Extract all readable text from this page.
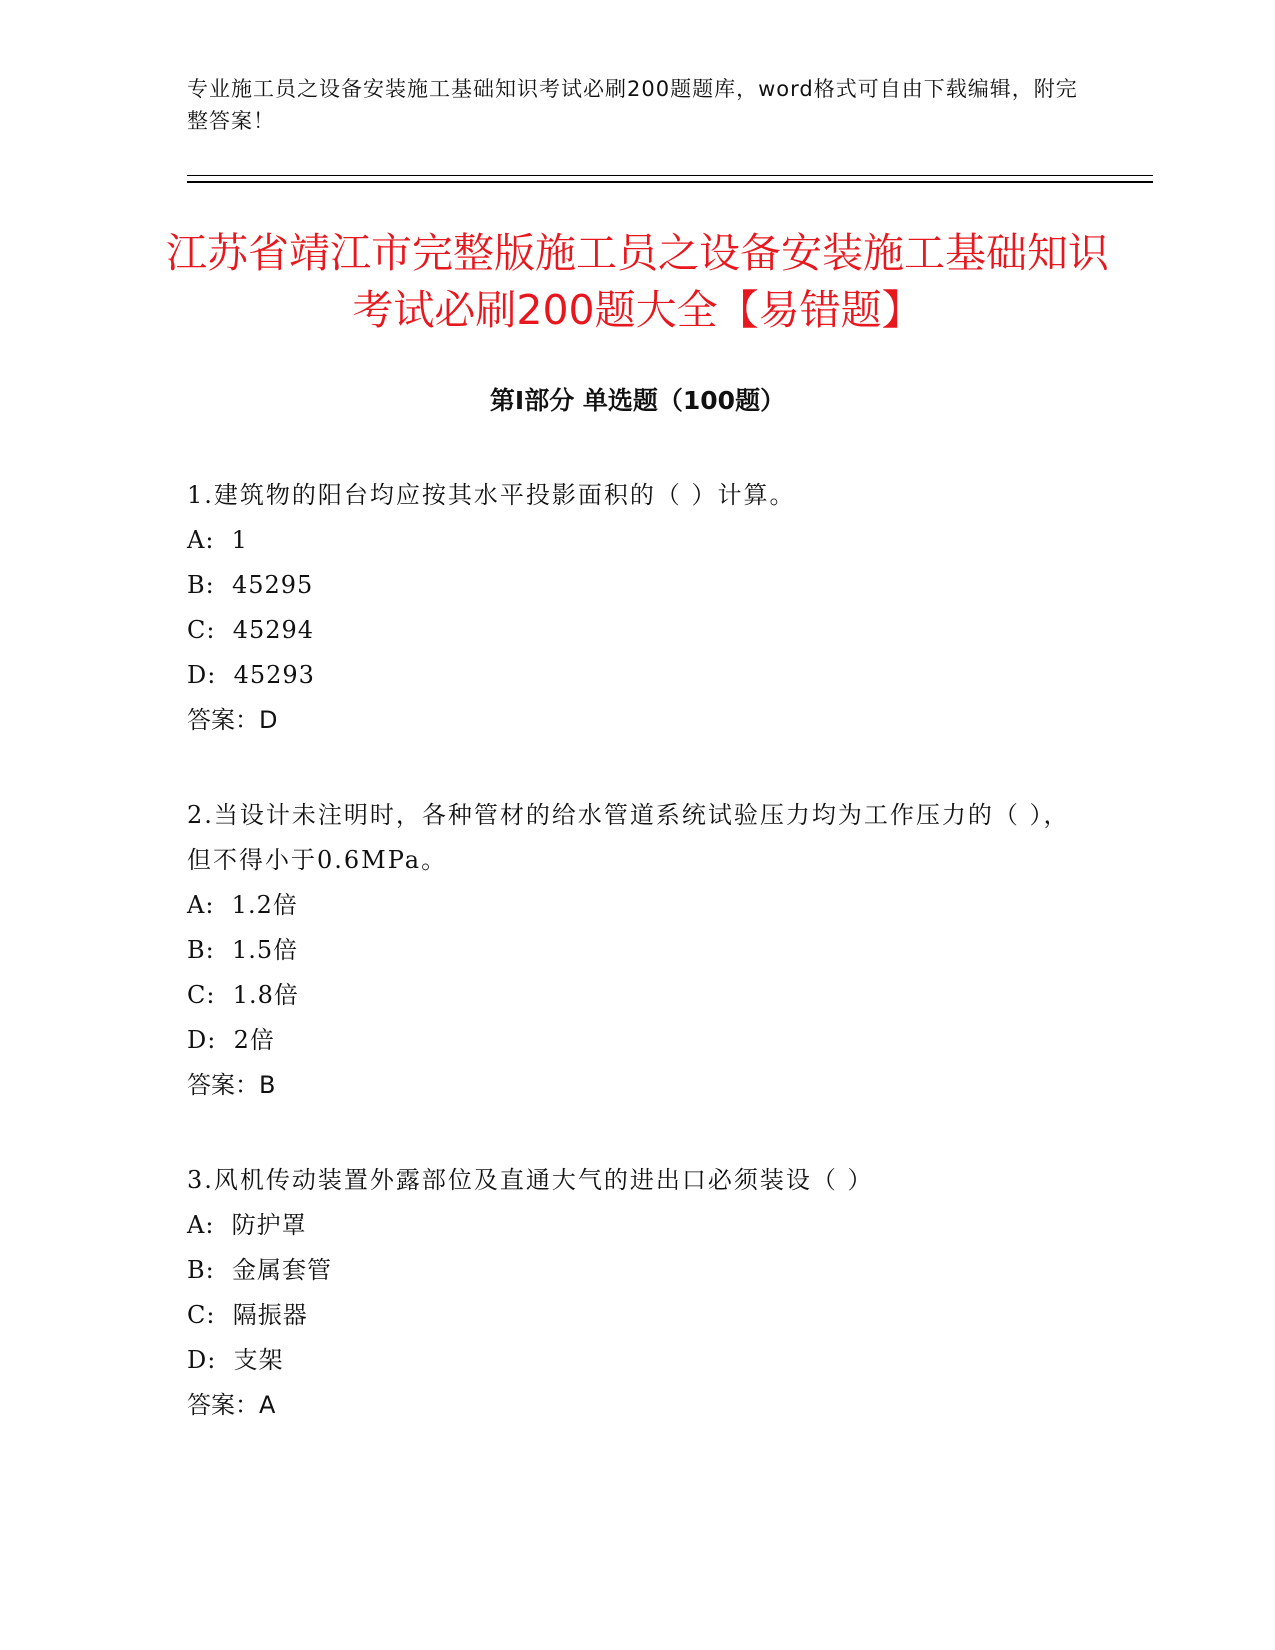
专业施工员之设备安装施工基础知识考试必刷200题题库，word格式可自由下载编辑，附完整答案！
江苏省靖江市完整版施工员之设备安装施工基础知识考试必刷200题大全【易错题】
第I部分 单选题（100题）
1.建筑物的阳台均应按其水平投影面积的（ ）计算。
A:  1
B:  45295
C:  45294
D:  45293
答案：D
2.当设计未注明时，各种管材的给水管道系统试验压力均为工作压力的（ ），但不得小于0.6MPa。
A:  1.2倍
B:  1.5倍
C:  1.8倍
D:  2倍
答案：B
3.风机传动装置外露部位及直通大气的进出口必须装设（ ）
A:  防护罩
B:  金属套管
C:  隔振器
D:  支架
答案：A
